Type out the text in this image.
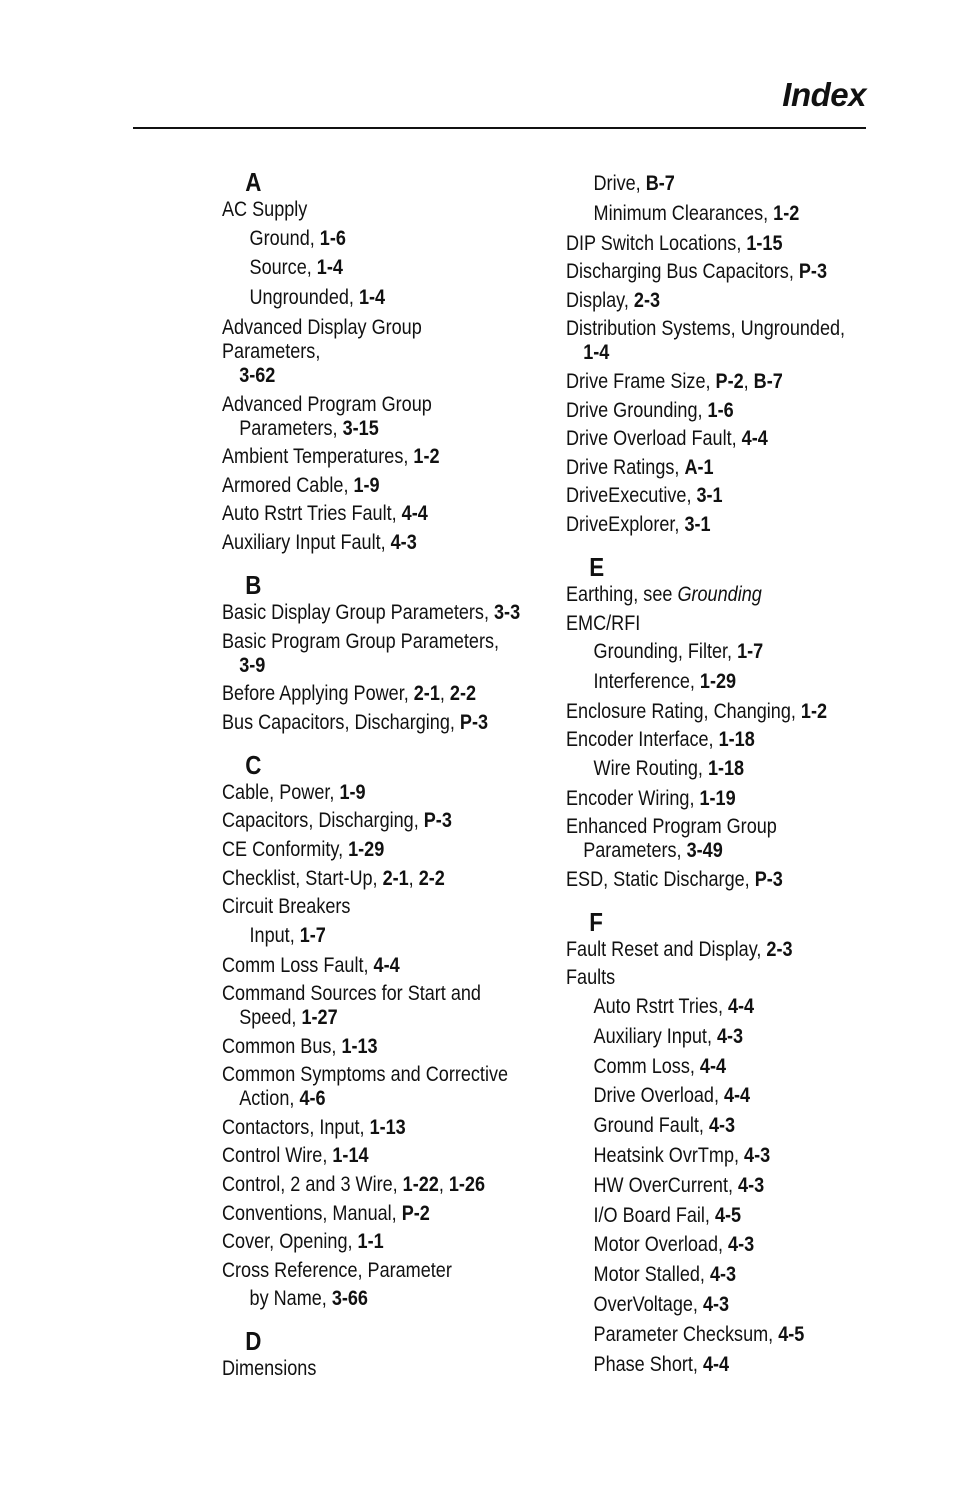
Index
A
AC Supply
Ground, 1-6
Source, 1-4
Ungrounded, 1-4
Advanced Display Group Parameters,
3-62
Advanced Program Group
Parameters, 3-15
Ambient Temperatures, 1-2
Armored Cable, 1-9
Auto Rstrt Tries Fault, 4-4
Auxiliary Input Fault, 4-3
B
Basic Display Group Parameters, 3-3
Basic Program Group Parameters,
3-9
Before Applying Power, 2-1, 2-2
Bus Capacitors, Discharging, P-3
C
Cable, Power, 1-9
Capacitors, Discharging, P-3
CE Conformity, 1-29
Checklist, Start-Up, 2-1, 2-2
Circuit Breakers
Input, 1-7
Comm Loss Fault, 4-4
Command Sources for Start and
Speed, 1-27
Common Bus, 1-13
Common Symptoms and Corrective
Action, 4-6
Contactors, Input, 1-13
Control Wire, 1-14
Control, 2 and 3 Wire, 1-22, 1-26
Conventions, Manual, P-2
Cover, Opening, 1-1
Cross Reference, Parameter
by Name, 3-66
D
Dimensions
Drive, B-7
Minimum Clearances, 1-2
DIP Switch Locations, 1-15
Discharging Bus Capacitors, P-3
Display, 2-3
Distribution Systems, Ungrounded,
1-4
Drive Frame Size, P-2, B-7
Drive Grounding, 1-6
Drive Overload Fault, 4-4
Drive Ratings, A-1
DriveExecutive, 3-1
DriveExplorer, 3-1
E
Earthing, see Grounding
EMC/RFI
Grounding, Filter, 1-7
Interference, 1-29
Enclosure Rating, Changing, 1-2
Encoder Interface, 1-18
Wire Routing, 1-18
Encoder Wiring, 1-19
Enhanced Program Group
Parameters, 3-49
ESD, Static Discharge, P-3
F
Fault Reset and Display, 2-3
Faults
Auto Rstrt Tries, 4-4
Auxiliary Input, 4-3
Comm Loss, 4-4
Drive Overload, 4-4
Ground Fault, 4-3
Heatsink OvrTmp, 4-3
HW OverCurrent, 4-3
I/O Board Fail, 4-5
Motor Overload, 4-3
Motor Stalled, 4-3
OverVoltage, 4-3
Parameter Checksum, 4-5
Phase Short, 4-4
